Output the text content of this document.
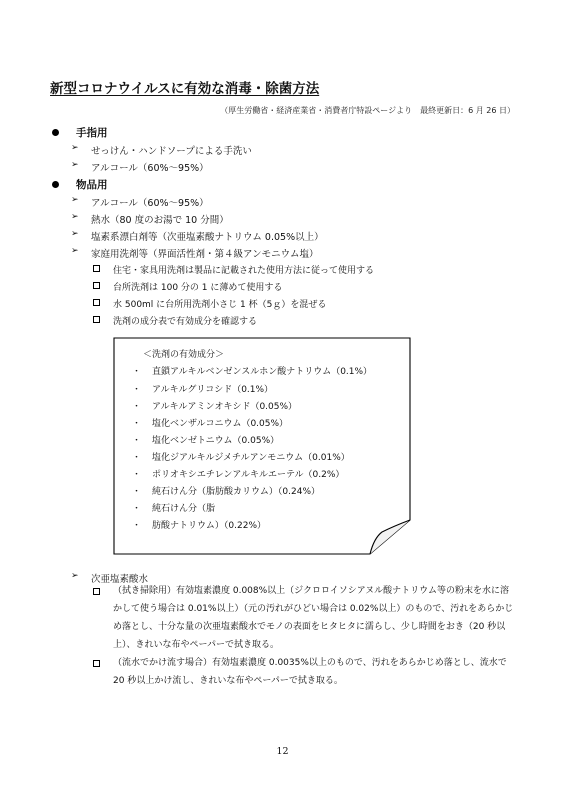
新型コロナウイルスに有効な消毒・除菌方法
（厚生労働省・経済産業省・消費者庁特設ページより　最終更新日：6 月 26 日）
手指用
➢ せっけん・ハンドソープによる手洗い
➢ アルコール（60%～95%）
物品用
➢ アルコール（60%～95%）
➢ 熱水（80 度のお湯で 10 分間）
➢ 塩素系漂白剤等（次亜塩素酸ナトリウム 0.05%以上）
➢ 家庭用洗剤等（界面活性剤・第４級アンモニウム塩）
住宅・家具用洗剤は製品に記載された使用方法に従って使用する
台所洗剤は 100 分の 1 に薄めて使用する
水 500ml に台所用洗剤小さじ 1 杯（5ｇ）を混ぜる
洗剤の成分表で有効成分を確認する
＜洗剤の有効成分＞
・ 直鎖アルキルベンゼンスルホン酸ナトリウム（0.1%）
・ アルキルグリコシド（0.1%）
・ アルキルアミンオキシド（0.05%）
・ 塩化ベンザルコニウム（0.05%）
・ 塩化ベンゼトニウム（0.05%）
・ 塩化ジアルキルジメチルアンモニウム（0.01%）
・ ポリオキシエチレンアルキルエーテル（0.2%）
・ 純石けん分（脂肪酸カリウム）（0.24%）
・ 純石けん分（脂
・ 肪酸ナトリウム）（0.22%）
➢ 次亜塩素酸水
（拭き掃除用）有効塩素濃度 0.008%以上（ジクロロイソシアヌル酸ナトリウム等の粉末を水に溶かして使う場合は 0.01%以上）（元の汚れがひどい場合は 0.02%以上）のもので、汚れをあらかじめ落とし、十分な量の次亜塩素酸水でモノの表面をヒタヒタに濡らし、少し時間をおき（20 秒以上）、きれいな布やペーパーで拭き取る。
（流水でかけ流す場合）有効塩素濃度 0.0035%以上のもので、汚れをあらかじめ落とし、流水で 20 秒以上かけ流し、きれいな布やペーパーで拭き取る。
12
